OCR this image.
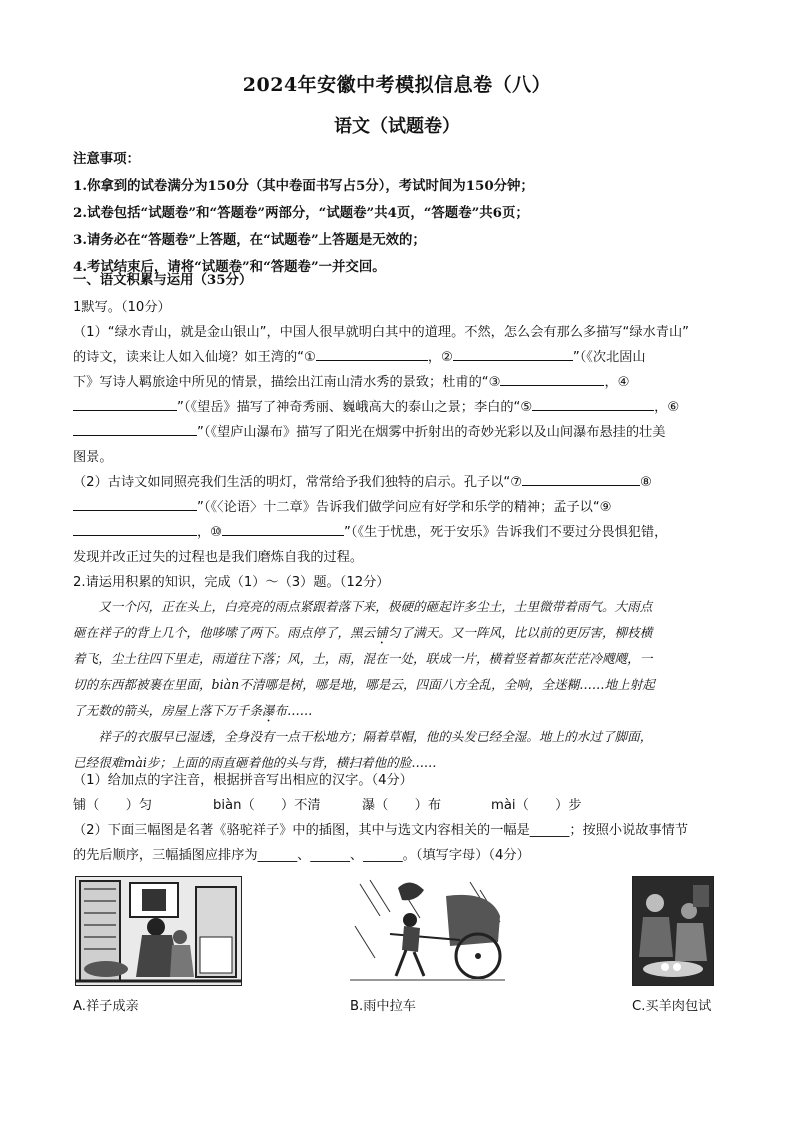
2024年安徽中考模拟信息卷（八）
语文（试题卷）
注意事项：
1.你拿到的试卷满分为150分（其中卷面书写占5分），考试时间为150分钟；
2.试卷包括“试题卷”和“答题卷”两部分，“试题卷”共4页，“答题卷”共6页；
3.请务必在“答题卷”上答题，在“试题卷”上答题是无效的；
4.考试结束后，请将“试题卷”和“答题卷”一并交回。
一、语文积累与运用（35分）
1默写。（10分）
（1）“绿水青山，就是金山银山”，中国人很早就明白其中的道理。不然，怎么会有那么多描写“绿水青山”
的诗文，读来让人如入仙境？如王湾的“①	，②	”（《次北固山
下》写诗人羁旅途中所见的情景，描绘出江南山清水秀的景致；杜甫的“③	，④
”（《望岳》描写了神奇秀丽、巍峨高大的泰山之景；李白的“⑤	，⑥
”（《望庐山瀑布》描写了阳光在烟雾中折射出的奇妙光彩以及山间瀑布悬挂的壮美
图景。
（2）古诗文如同照亮我们生活的明灯，常常给予我们独特的启示。孔子以“⑦	⑧
”（《〈论语〉十二章》告诉我们做学问应有好学和乐学的精神；孟子以“⑨
，⑩	”（《生于忧患，死于安乐》告诉我们不要过分畏惧犯错，
发现并改正过失的过程也是我们磨炼自我的过程。
2.请运用积累的知识，完成（1）～（3）题。（12分）
又一个闪，正在头上，白亮亮的雨点紧跟着落下来，极硬的砸起许多尘土，土里微带着雨气。大雨点
砸在祥子的背上几个，他哆嗦了两下。雨点停了，黑云铺匀了满天。又一阵风，比以前的更厉害，柳枝横
着飞，尘土往四下里走，雨道往下落；风，土，雨，混在一处，联成一片，横着竖着都灰茫茫冷飕飕，一
切的东西都被裹在里面，biàn不清哪是树，哪是地，哪是云，四面八方全乱，全响，全迷糊……地上射起
了无数的箭头，房屋上落下万千条瀑布……
祥子的衣服早已湿透，全身没有一点干松地方；隔着草帽，他的头发已经全湿。地上的水过了脚面，
已经很难mài步；上面的雨直砸着他的头与背，横扫着他的脸……
（1）给加点的字注音，根据拼音写出相应的汉字。（4分）
铺（　　）匀	biàn（　　）不清	瀑（　　）布	mài（　　）步
（2）下面三幅图是名著《骆驼祥子》中的插图，其中与选文内容相关的一幅是______；按照小说故事情节
的先后顺序，三幅插图应排序为______、______、______。（填写字母）（4分）
A.祥子成亲	B.雨中拉车	C.买羊肉包试
